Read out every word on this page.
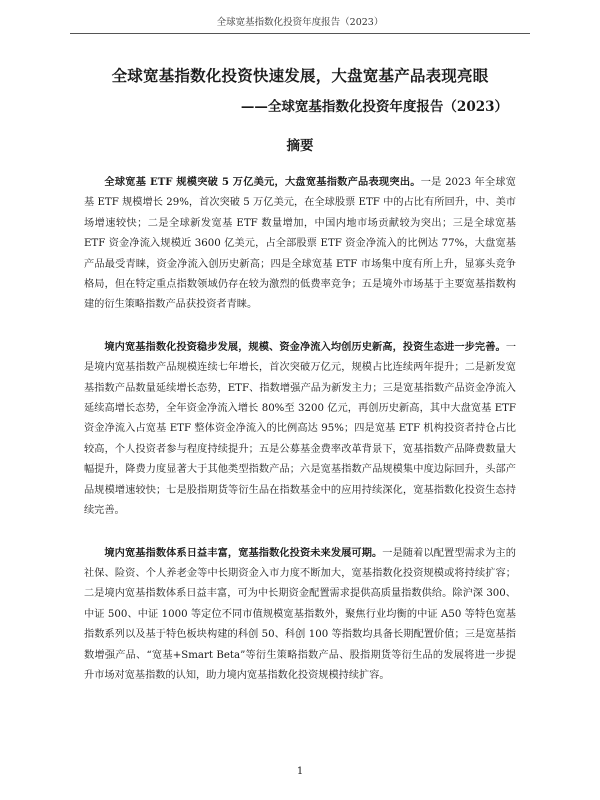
全球宽基指数化投资年度报告（2023）
全球宽基指数化投资快速发展，大盘宽基产品表现亮眼
——全球宽基指数化投资年度报告（2023）
摘要

全球宽基 ETF 规模突破 5 万亿美元，大盘宽基指数产品表现突出。一是 2023 年全球宽基 ETF 规模增长 29%，首次突破 5 万亿美元，在全球股票 ETF 中的占比有所回升，中、美市场增速较快；二是全球新发宽基 ETF 数量增加，中国内地市场贡献较为突出；三是全球宽基 ETF 资金净流入规模近 3600 亿美元，占全部股票 ETF 资金净流入的比例达 77%，大盘宽基产品最受青睐，资金净流入创历史新高；四是全球宽基 ETF 市场集中度有所上升，显寡头竞争格局，但在特定重点指数领域仍存在较为激烈的低费率竞争；五是境外市场基于主要宽基指数构建的衍生策略指数产品获投资者青睐。

境内宽基指数化投资稳步发展，规模、资金净流入均创历史新高，投资生态进一步完善。一是境内宽基指数产品规模连续七年增长，首次突破万亿元，规模占比连续两年提升；二是新发宽基指数产品数量延续增长态势，ETF、指数增强产品为新发主力；三是宽基指数产品资金净流入延续高增长态势，全年资金净流入增长 80%至 3200 亿元，再创历史新高，其中大盘宽基 ETF 资金净流入占宽基 ETF 整体资金净流入的比例高达 95%；四是宽基 ETF 机构投资者持仓占比较高，个人投资者参与程度持续提升；五是公募基金费率改革背景下，宽基指数产品降费数量大幅提升，降费力度显著大于其他类型指数产品；六是宽基指数产品规模集中度边际回升，头部产品规模增速较快；七是股指期货等衍生品在指数基金中的应用持续深化，宽基指数化投资生态持续完善。

境内宽基指数体系日益丰富，宽基指数化投资未来发展可期。一是随着以配置型需求为主的社保、险资、个人养老金等中长期资金入市力度不断加大，宽基指数化投资规模或将持续扩容；二是境内宽基指数体系日益丰富，可为中长期资金配置需求提供高质量指数供给。除沪深 300、中证 500、中证 1000 等定位不同市值规模宽基指数外，聚焦行业均衡的中证 A50 等特色宽基指数系列以及基于特色板块构建的科创 50、科创 100 等指数均具备长期配置价值；三是宽基指数增强产品、“宽基+Smart Beta”等衍生策略指数产品、股指期货等衍生品的发展将进一步提升市场对宽基指数的认知，助力境内宽基指数化投资规模持续扩容。

1
